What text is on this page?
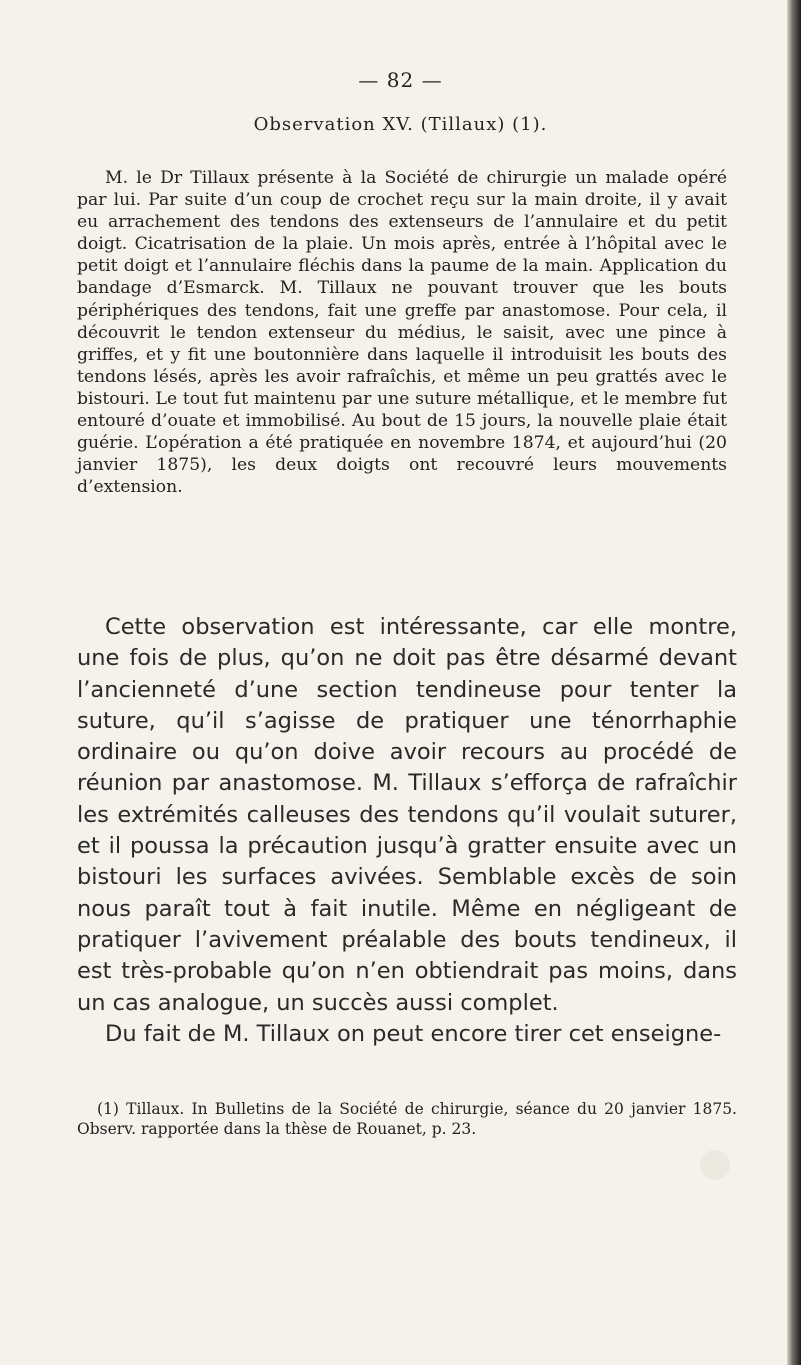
— 82 —
Observation XV. (Tillaux) (1).

M. le Dr Tillaux présente à la Société de chirurgie un malade opéré par lui. Par suite d’un coup de crochet reçu sur la main droite, il y avait eu arrachement des tendons des extenseurs de l’annulaire et du petit doigt. Cicatrisation de la plaie. Un mois après, entrée à l’hôpital avec le petit doigt et l’annulaire fléchis dans la paume de la main. Application du bandage d’Esmarck. M. Tillaux ne pouvant trouver que les bouts périphériques des tendons, fait une greffe par anastomose. Pour cela, il découvrit le tendon extenseur du médius, le saisit, avec une pince à griffes, et y fit une boutonnière dans laquelle il introduisit les bouts des tendons lésés, après les avoir rafraîchis, et même un peu grattés avec le bistouri. Le tout fut maintenu par une suture métallique, et le membre fut entouré d’ouate et immobilisé. Au bout de 15 jours, la nouvelle plaie était guérie. L’opération a été pratiquée en novembre 1874, et aujourd’hui (20 janvier 1875), les deux doigts ont recouvré leurs mouvements d’extension.

Cette observation est intéressante, car elle montre, une fois de plus, qu’on ne doit pas être désarmé devant l’ancienneté d’une section tendineuse pour tenter la suture, qu’il s’agisse de pratiquer une ténorrhaphie ordinaire ou qu’on doive avoir recours au procédé de réunion par anastomose. M. Tillaux s’efforça de rafraîchir les extrémités calleuses des tendons qu’il voulait suturer, et il poussa la précaution jusqu’à gratter ensuite avec un bistouri les surfaces avivées. Semblable excès de soin nous paraît tout à fait inutile. Même en négligeant de pratiquer l’avivement préalable des bouts tendineux, il est très-probable qu’on n’en obtiendrait pas moins, dans un cas analogue, un succès aussi complet.

Du fait de M. Tillaux on peut encore tirer cet enseigne-

(1) Tillaux. In Bulletins de la Société de chirurgie, séance du 20 janvier 1875. Observ. rapportée dans la thèse de Rouanet, p. 23.
